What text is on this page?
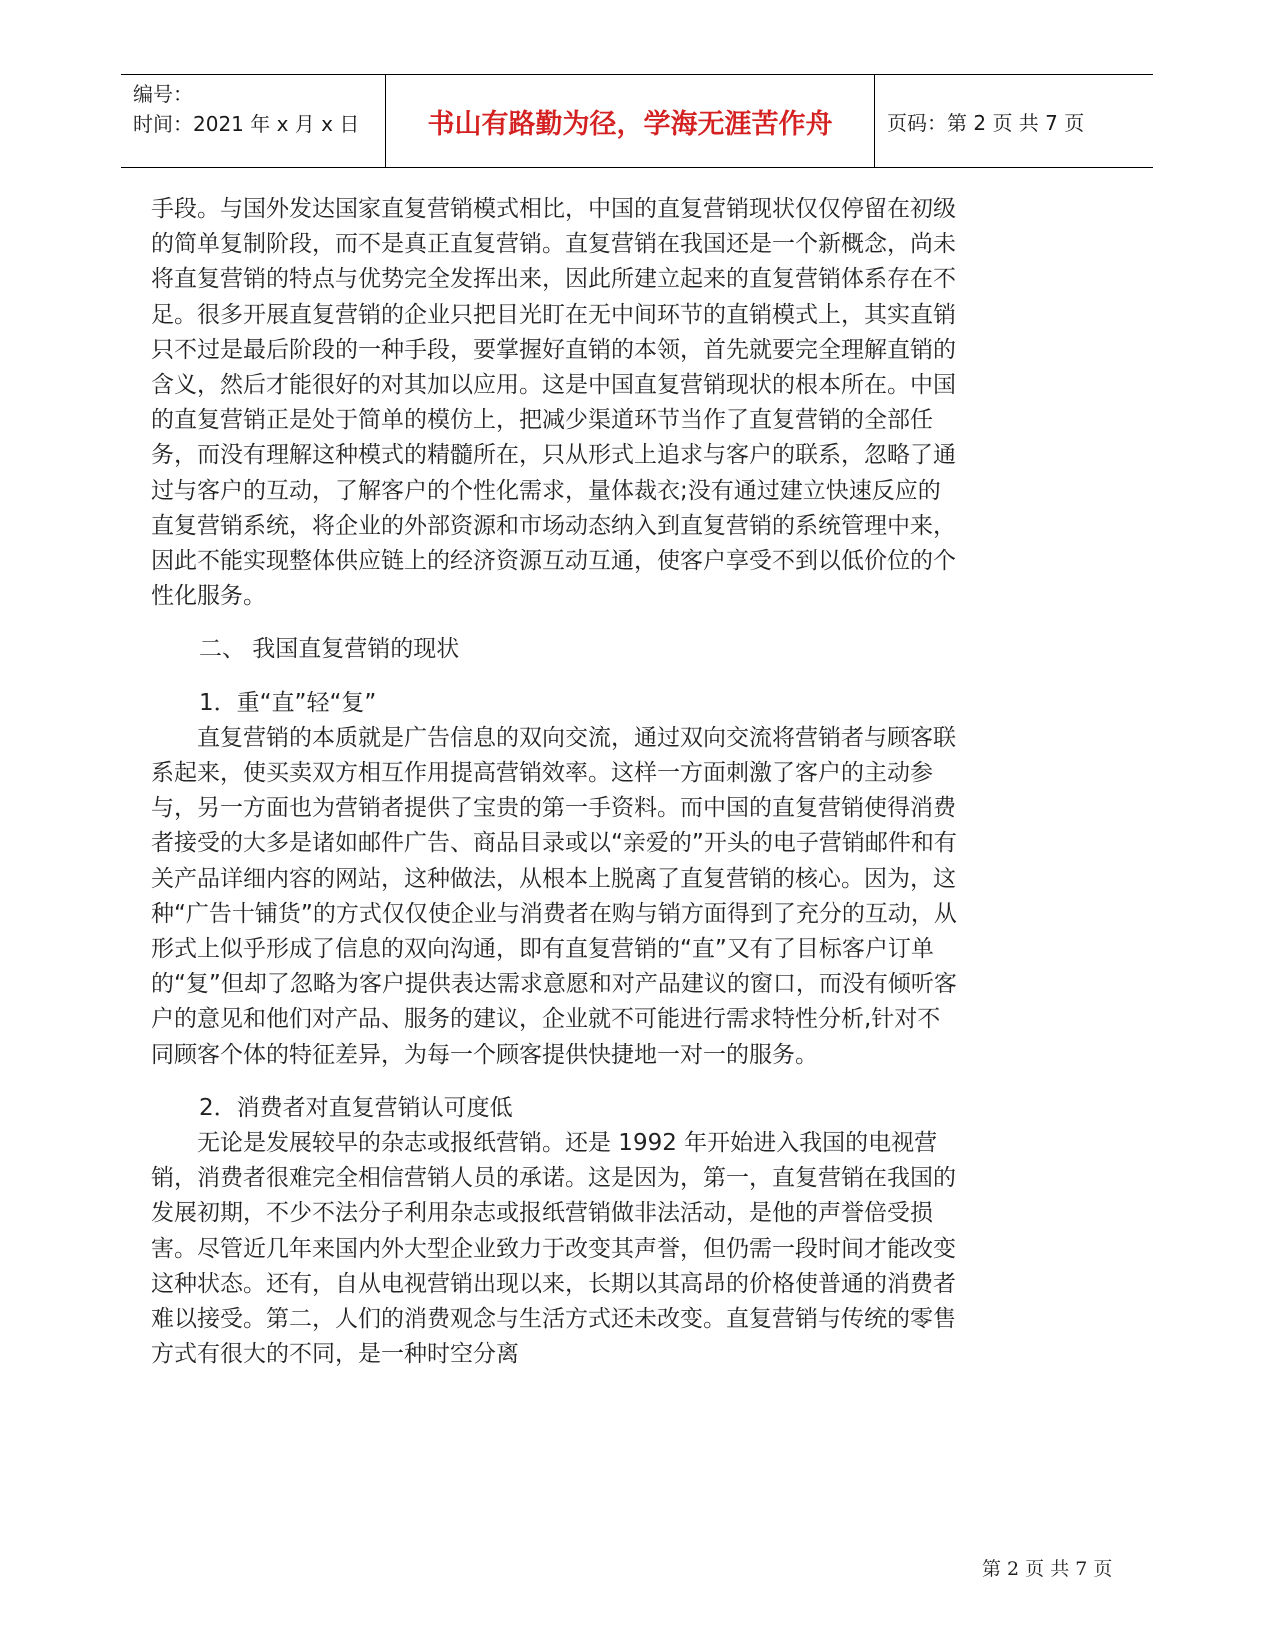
编号：
时间：2021 年 x 月 x 日	书山有路勤为径，学海无涯苦作舟	页码：第 2 页 共 7 页

手段。与国外发达国家直复营销模式相比，中国的直复营销现状仅仅停留在初级的简单复制阶段，而不是真正直复营销。直复营销在我国还是一个新概念，尚未将直复营销的特点与优势完全发挥出来，因此所建立起来的直复营销体系存在不足。很多开展直复营销的企业只把目光盯在无中间环节的直销模式上，其实直销只不过是最后阶段的一种手段，要掌握好直销的本领，首先就要完全理解直销的含义，然后才能很好的对其加以应用。这是中国直复营销现状的根本所在。中国的直复营销正是处于简单的模仿上，把减少渠道环节当作了直复营销的全部任务，而没有理解这种模式的精髓所在，只从形式上追求与客户的联系，忽略了通过与客户的互动，了解客户的个性化需求，量体裁衣;没有通过建立快速反应的直复营销系统，将企业的外部资源和市场动态纳入到直复营销的系统管理中来，因此不能实现整体供应链上的经济资源互动互通，使客户享受不到以低价位的个性化服务。

二、 我国直复营销的现状

1．重“直”轻“复”

直复营销的本质就是广告信息的双向交流，通过双向交流将营销者与顾客联系起来，使买卖双方相互作用提高营销效率。这样一方面刺激了客户的主动参与，另一方面也为营销者提供了宝贵的第一手资料。而中国的直复营销使得消费者接受的大多是诸如邮件广告、商品目录或以“亲爱的”开头的电子营销邮件和有关产品详细内容的网站，这种做法，从根本上脱离了直复营销的核心。因为，这种“广告十铺货”的方式仅仅使企业与消费者在购与销方面得到了充分的互动，从形式上似乎形成了信息的双向沟通，即有直复营销的“直”又有了目标客户订单的“复”但却了忽略为客户提供表达需求意愿和对产品建议的窗口，而没有倾听客户的意见和他们对产品、服务的建议，企业就不可能进行需求特性分析,针对不同顾客个体的特征差异，为每一个顾客提供快捷地一对一的服务。

2．消费者对直复营销认可度低

无论是发展较早的杂志或报纸营销。还是 1992 年开始进入我国的电视营销，消费者很难完全相信营销人员的承诺。这是因为，第一，直复营销在我国的发展初期，不少不法分子利用杂志或报纸营销做非法活动，是他的声誉倍受损害。尽管近几年来国内外大型企业致力于改变其声誉，但仍需一段时间才能改变这种状态。还有，自从电视营销出现以来，长期以其高昂的价格使普通的消费者难以接受。第二，人们的消费观念与生活方式还未改变。直复营销与传统的零售方式有很大的不同，是一种时空分离

第 2 页 共 7 页
